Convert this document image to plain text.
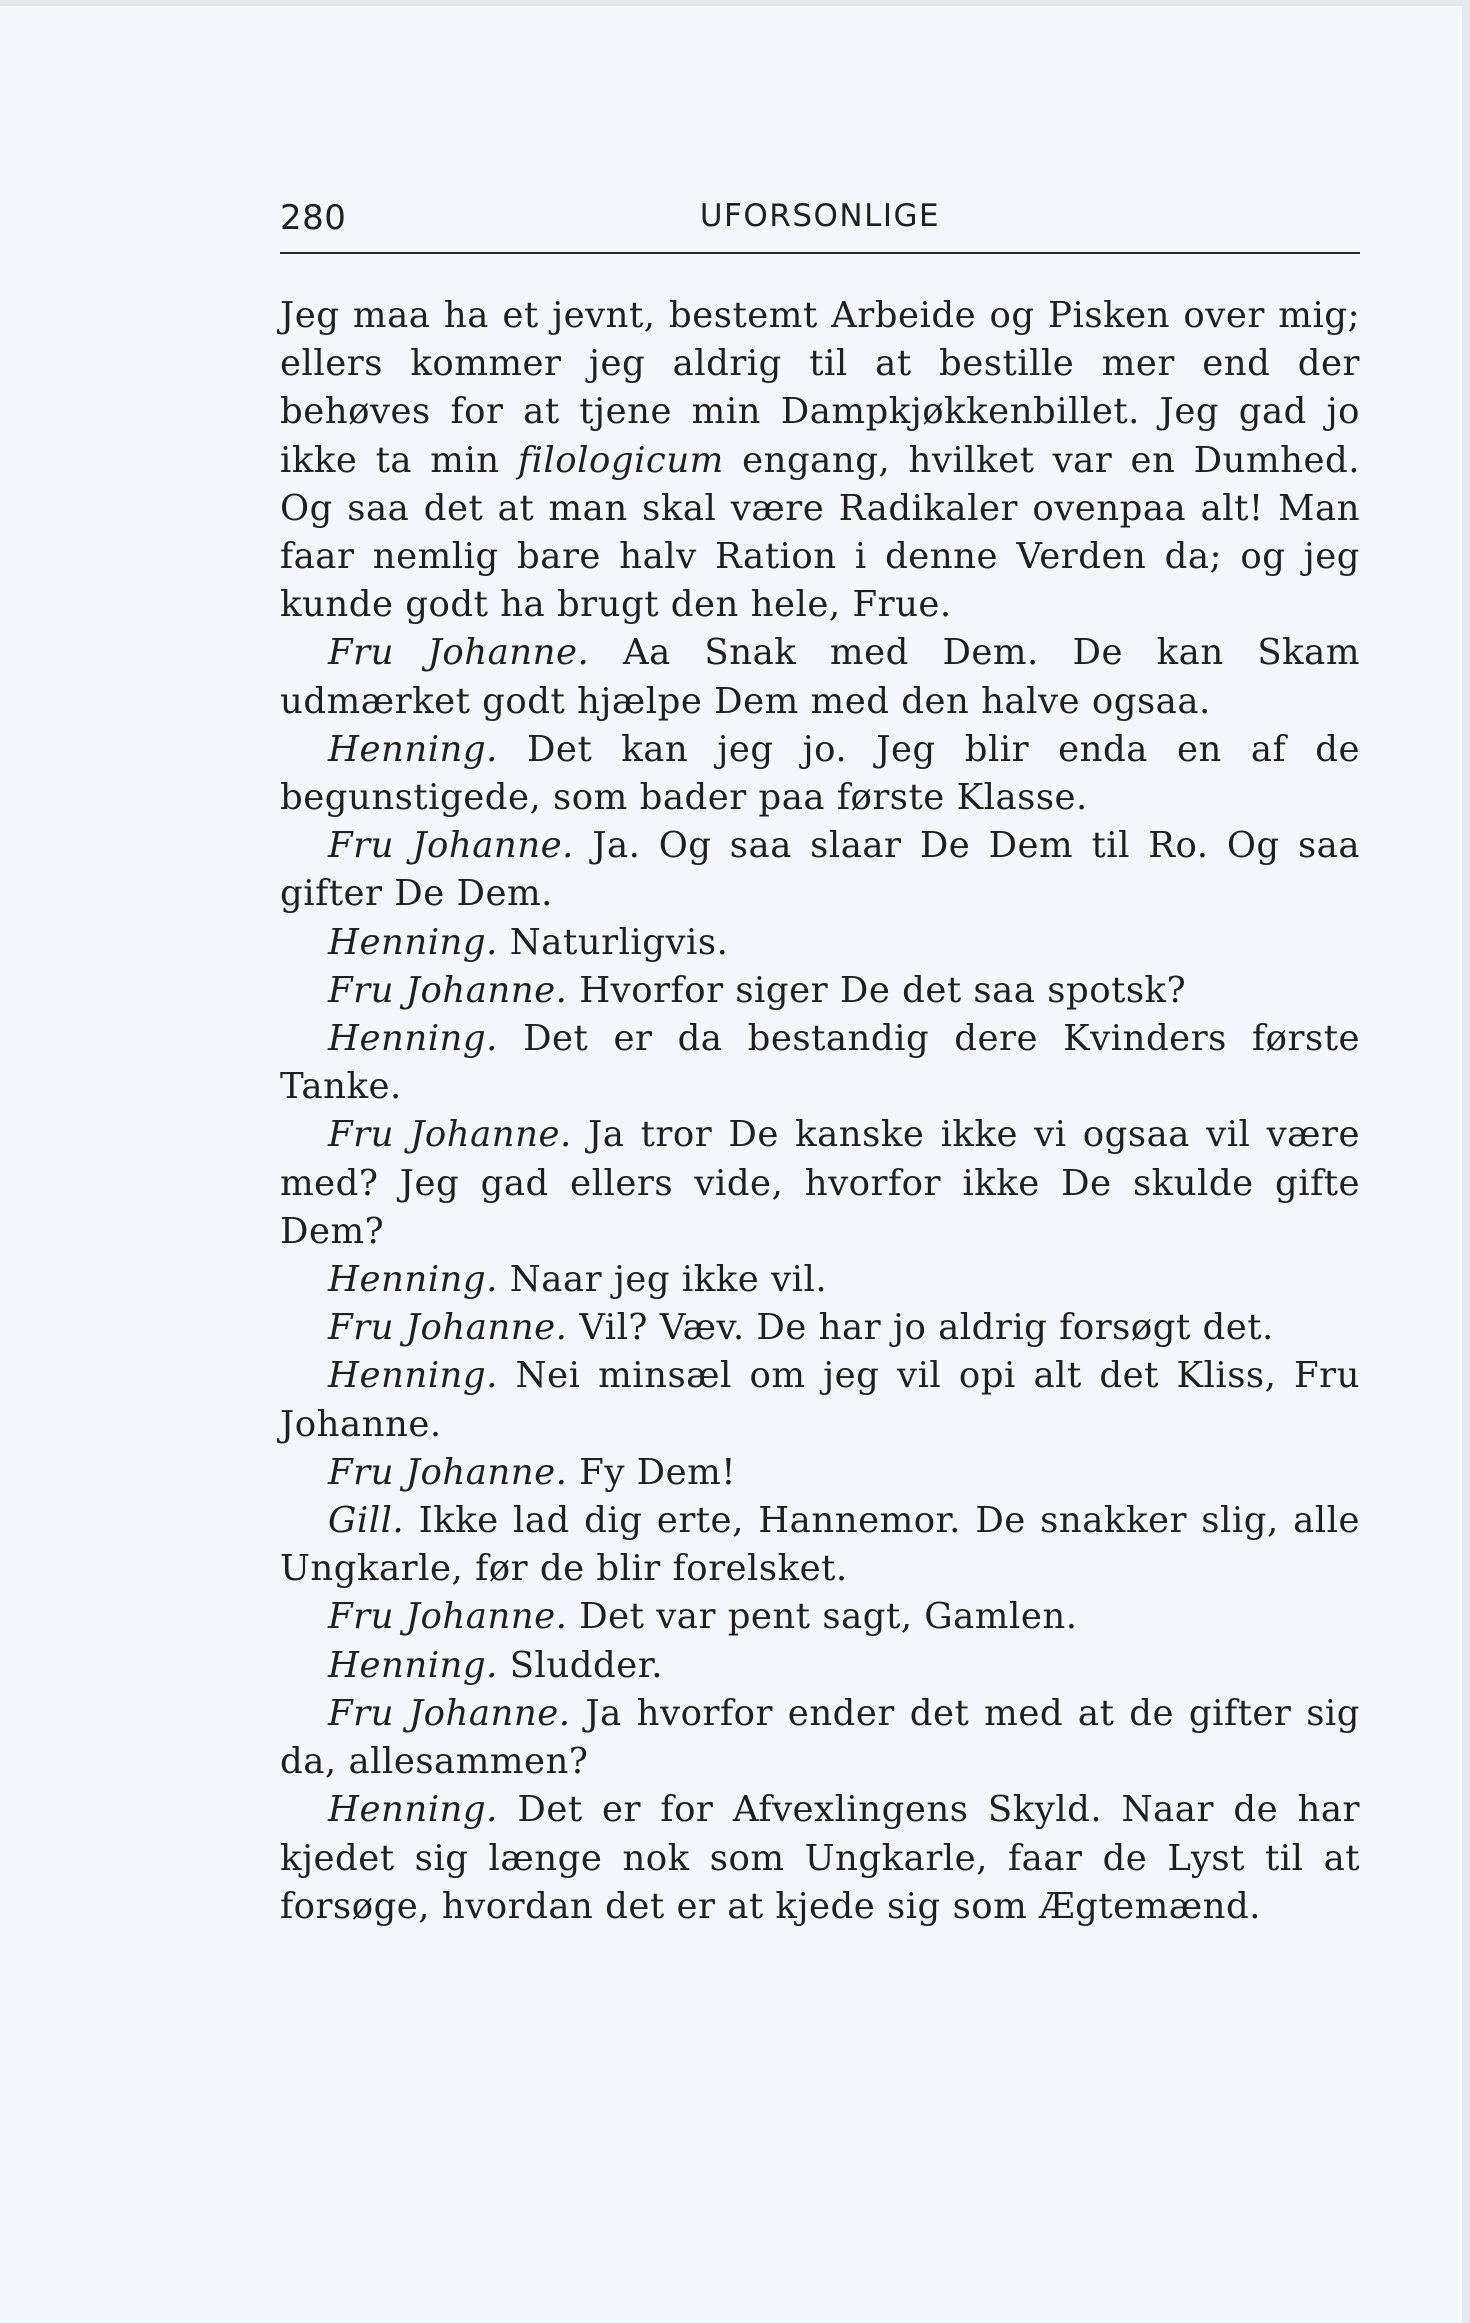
280	UFORSONLIGE

Jeg maa ha et jevnt, bestemt Arbeide og Pisken over mig; ellers kommer jeg aldrig til at bestille mer end der behøves for at tjene min Dampkjøkkenbillet. Jeg gad jo ikke ta min filologicum engang, hvilket var en Dumhed. Og saa det at man skal være Radikaler ovenpaa alt! Man faar nemlig bare halv Ration i denne Verden da; og jeg kunde godt ha brugt den hele, Frue.

Fru Johanne. Aa Snak med Dem. De kan Skam udmærket godt hjælpe Dem med den halve ogsaa.

Henning. Det kan jeg jo. Jeg blir enda en af de begunstigede, som bader paa første Klasse.

Fru Johanne. Ja. Og saa slaar De Dem til Ro. Og saa gifter De Dem.

Henning. Naturligvis.

Fru Johanne. Hvorfor siger De det saa spotsk?

Henning. Det er da bestandig dere Kvinders første Tanke.

Fru Johanne. Ja tror De kanske ikke vi ogsaa vil være med? Jeg gad ellers vide, hvorfor ikke De skulde gifte Dem?

Henning. Naar jeg ikke vil.

Fru Johanne. Vil? Væv. De har jo aldrig forsøgt det.

Henning. Nei minsæl om jeg vil opi alt det Kliss, Fru Johanne.

Fru Johanne. Fy Dem!

Gill. Ikke lad dig erte, Hannemor. De snakker slig, alle Ungkarle, før de blir forelsket.

Fru Johanne. Det var pent sagt, Gamlen.

Henning. Sludder.

Fru Johanne. Ja hvorfor ender det med at de gifter sig da, allesammen?

Henning. Det er for Afvexlingens Skyld. Naar de har kjedet sig længe nok som Ungkarle, faar de Lyst til at forsøge, hvordan det er at kjede sig som Ægtemænd.
